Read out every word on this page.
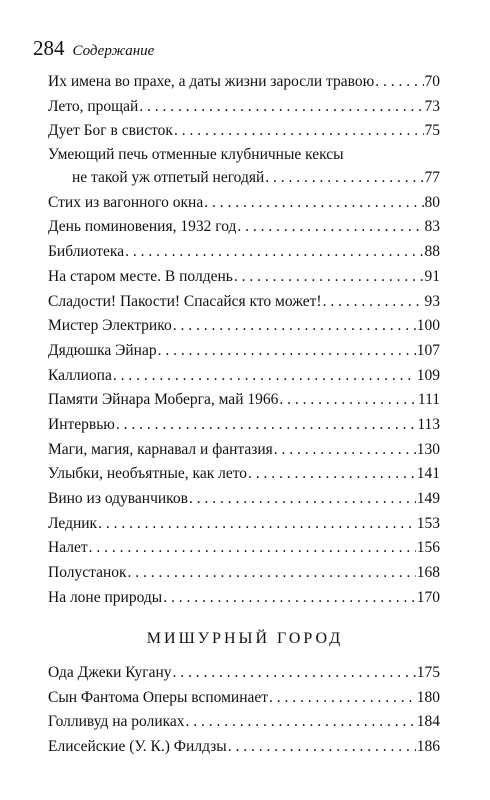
284 Содержание
Их имена во прахе, а даты жизни заросли травою . . .	70
Лето, прощай . . .	73
Дует Бог в свисток . . .	75
Умеющий печь отменные клубничные кексы
не такой уж отпетый негодяй . . .	77
Стих из вагонного окна . . .	80
День поминовения, 1932 год . . .	83
Библиотека . . .	88
На старом месте. В полдень . . .	91
Сладости! Пакости! Спасайся кто может! . . .	93
Мистер Электрико . . .	100
Дядюшка Эйнар . . .	107
Каллиопа . . .	109
Памяти Эйнара Моберга, май 1966 . . .	111
Интервью . . .	113
Маги, магия, карнавал и фантазия . . .	130
Улыбки, необъятные, как лето . . .	141
Вино из одуванчиков . . .	149
Ледник . . .	153
Налет . . .	156
Полустанок . . .	168
На лоне природы . . .	170
МИШУРНЫЙ ГОРОД
Ода Джеки Кугану . . .	175
Сын Фантома Оперы вспоминает . . .	180
Голливуд на роликах . . .	184
Елисейские (У. К.) Филдзы . . .	186
